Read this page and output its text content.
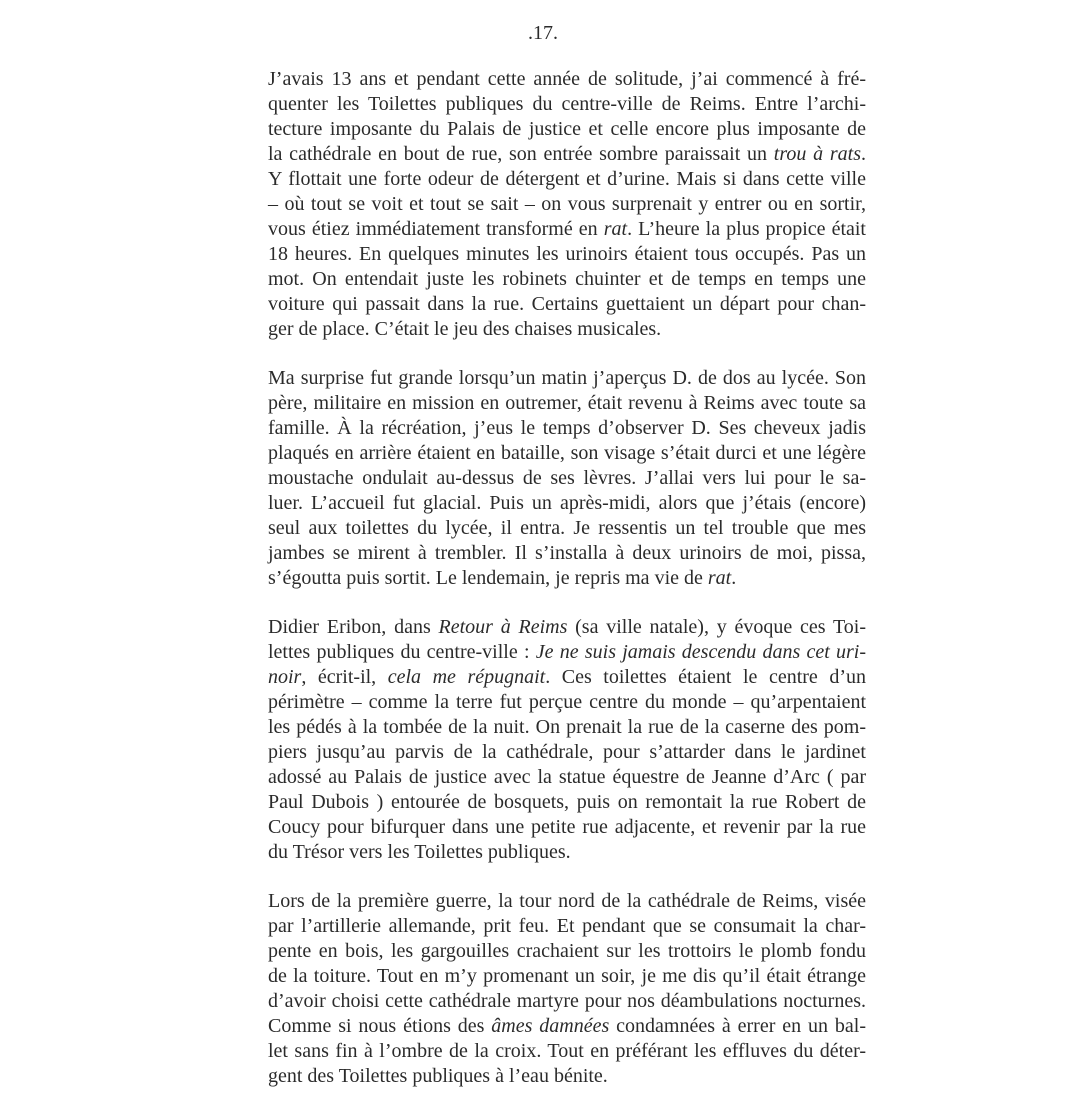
.17.
J’avais 13 ans et pendant cette année de solitude, j’ai commencé à fré-
quenter les Toilettes publiques du centre-ville de Reims. Entre l’archi-
tecture imposante du Palais de justice et celle encore plus imposante de
la cathédrale en bout de rue, son entrée sombre paraissait un trou à rats.
Y flottait une forte odeur de détergent et d’urine. Mais si dans cette ville
– où tout se voit et tout se sait – on vous surprenait y entrer ou en sortir,
vous étiez immédiatement transformé en rat. L’heure la plus propice était
18 heures. En quelques minutes les urinoirs étaient tous occupés. Pas un
mot. On entendait juste les robinets chuinter et de temps en temps une
voiture qui passait dans la rue. Certains guettaient un départ pour chan-
ger de place. C’était le jeu des chaises musicales.
Ma surprise fut grande lorsqu’un matin j’aperçus D. de dos au lycée. Son
père, militaire en mission en outremer, était revenu à Reims avec toute sa
famille. À la récréation, j’eus le temps d’observer D. Ses cheveux jadis
plaqués en arrière étaient en bataille, son visage s’était durci et une légère
moustache ondulait au-dessus de ses lèvres. J’allai vers lui pour le sa-
luer. L’accueil fut glacial. Puis un après-midi, alors que j’étais (encore)
seul aux toilettes du lycée, il entra. Je ressentis un tel trouble que mes
jambes se mirent à trembler. Il s’installa à deux urinoirs de moi, pissa,
s’égoutta puis sortit. Le lendemain, je repris ma vie de rat.
Didier Eribon, dans Retour à Reims (sa ville natale), y évoque ces Toi-
lettes publiques du centre-ville : Je ne suis jamais descendu dans cet uri-
noir, écrit-il, cela me répugnait. Ces toilettes étaient le centre d’un
périmètre – comme la terre fut perçue centre du monde – qu’arpentaient
les pédés à la tombée de la nuit. On prenait la rue de la caserne des pom-
piers jusqu’au parvis de la cathédrale, pour s’attarder dans le jardinet
adossé au Palais de justice avec la statue équestre de Jeanne d’Arc ( par
Paul Dubois ) entourée de bosquets, puis on remontait la rue Robert de
Coucy pour bifurquer dans une petite rue adjacente, et revenir par la rue
du Trésor vers les Toilettes publiques.
Lors de la première guerre, la tour nord de la cathédrale de Reims, visée
par l’artillerie allemande, prit feu. Et pendant que se consumait la char-
pente en bois, les gargouilles crachaient sur les trottoirs le plomb fondu
de la toiture. Tout en m’y promenant un soir, je me dis qu’il était étrange
d’avoir choisi cette cathédrale martyre pour nos déambulations nocturnes.
Comme si nous étions des âmes damnées condamnées à errer en un bal-
let sans fin à l’ombre de la croix. Tout en préférant les effluves du déter-
gent des Toilettes publiques à l’eau bénite.
